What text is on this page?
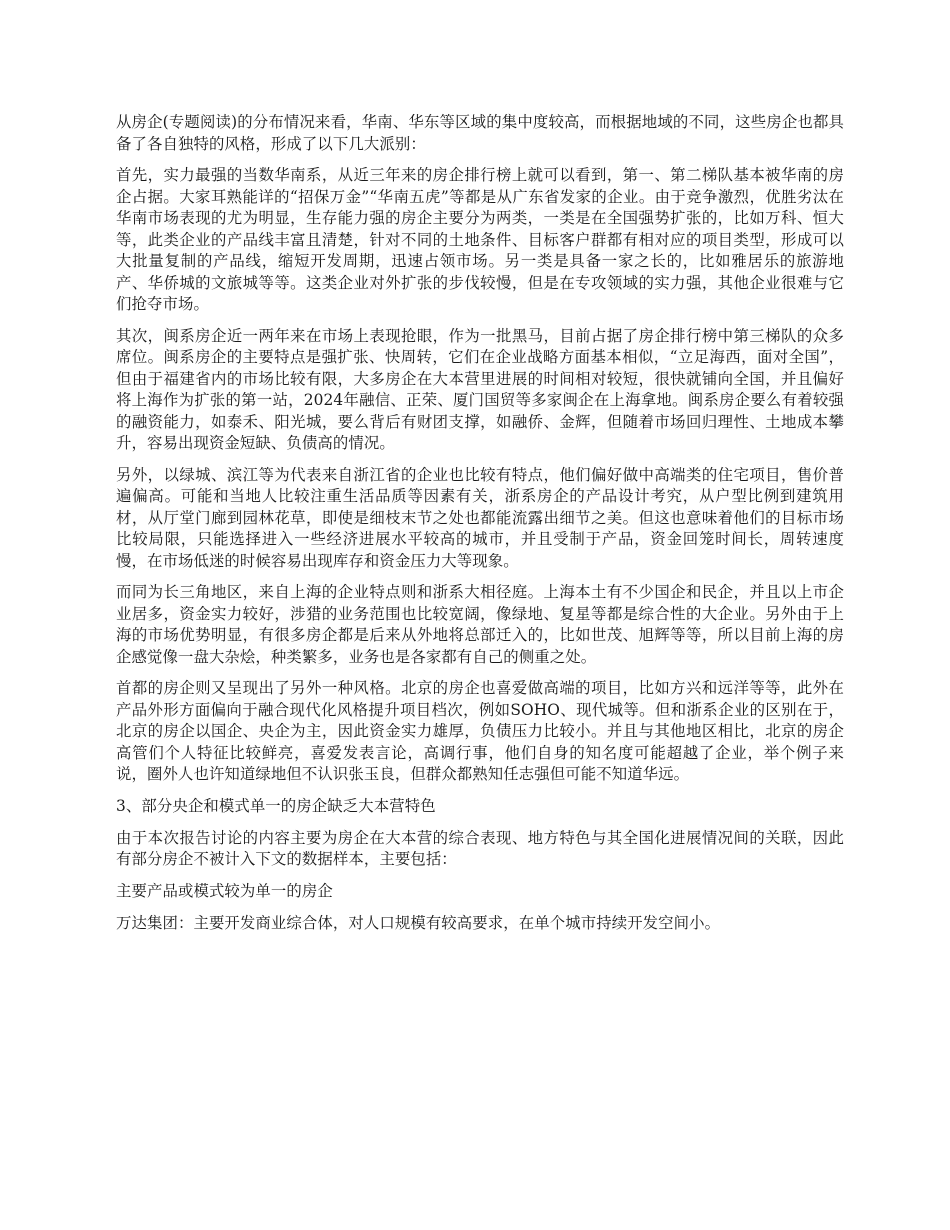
从房企(专题阅读)的分布情况来看，华南、华东等区域的集中度较高，而根据地域的不同，这些房企也都具备了各自独特的风格，形成了以下几大派别：

首先，实力最强的当数华南系，从近三年来的房企排行榜上就可以看到，第一、第二梯队基本被华南的房企占据。大家耳熟能详的“招保万金”“华南五虎”等都是从广东省发家的企业。由于竞争激烈，优胜劣汰在华南市场表现的尤为明显，生存能力强的房企主要分为两类，一类是在全国强势扩张的，比如万科、恒大等，此类企业的产品线丰富且清楚，针对不同的土地条件、目标客户群都有相对应的项目类型，形成可以大批量复制的产品线，缩短开发周期，迅速占领市场。另一类是具备一家之长的，比如雅居乐的旅游地产、华侨城的文旅城等等。这类企业对外扩张的步伐较慢，但是在专攻领域的实力强，其他企业很难与它们抢夺市场。

其次，闽系房企近一两年来在市场上表现抢眼，作为一批黑马，目前占据了房企排行榜中第三梯队的众多席位。闽系房企的主要特点是强扩张、快周转，它们在企业战略方面基本相似，“立足海西，面对全国”，但由于福建省内的市场比较有限，大多房企在大本营里进展的时间相对较短，很快就铺向全国，并且偏好将上海作为扩张的第一站，2024年融信、正荣、厦门国贸等多家闽企在上海拿地。闽系房企要么有着较强的融资能力，如泰禾、阳光城，要么背后有财团支撑，如融侨、金辉，但随着市场回归理性、土地成本攀升，容易出现资金短缺、负债高的情况。

另外，以绿城、滨江等为代表来自浙江省的企业也比较有特点，他们偏好做中高端类的住宅项目，售价普遍偏高。可能和当地人比较注重生活品质等因素有关，浙系房企的产品设计考究，从户型比例到建筑用材，从厅堂门廊到园林花草，即使是细枝末节之处也都能流露出细节之美。但这也意味着他们的目标市场比较局限，只能选择进入一些经济进展水平较高的城市，并且受制于产品，资金回笼时间长，周转速度慢，在市场低迷的时候容易出现库存和资金压力大等现象。

而同为长三角地区，来自上海的企业特点则和浙系大相径庭。上海本土有不少国企和民企，并且以上市企业居多，资金实力较好，涉猎的业务范围也比较宽阔，像绿地、复星等都是综合性的大企业。另外由于上海的市场优势明显，有很多房企都是后来从外地将总部迁入的，比如世茂、旭辉等等，所以目前上海的房企感觉像一盘大杂烩，种类繁多，业务也是各家都有自己的侧重之处。

首都的房企则又呈现出了另外一种风格。北京的房企也喜爱做高端的项目，比如方兴和远洋等等，此外在产品外形方面偏向于融合现代化风格提升项目档次，例如SOHO、现代城等。但和浙系企业的区别在于，北京的房企以国企、央企为主，因此资金实力雄厚，负债压力比较小。并且与其他地区相比，北京的房企高管们个人特征比较鲜亮，喜爱发表言论，高调行事，他们自身的知名度可能超越了企业，举个例子来说，圈外人也许知道绿地但不认识张玉良，但群众都熟知任志强但可能不知道华远。

3、部分央企和模式单一的房企缺乏大本营特色

由于本次报告讨论的内容主要为房企在大本营的综合表现、地方特色与其全国化进展情况间的关联，因此有部分房企不被计入下文的数据样本，主要包括：

主要产品或模式较为单一的房企

万达集团：主要开发商业综合体，对人口规模有较高要求，在单个城市持续开发空间小。
